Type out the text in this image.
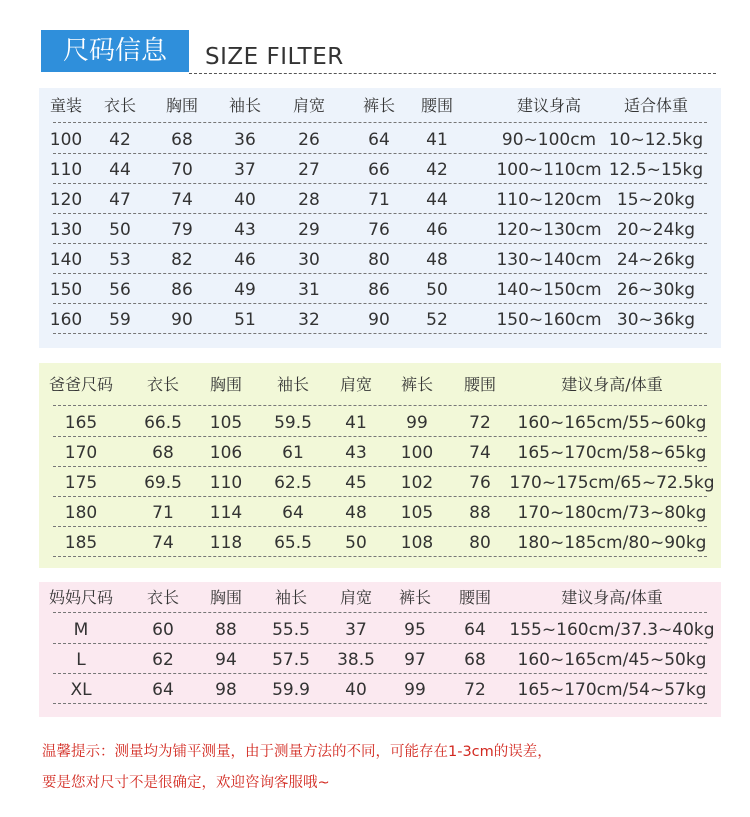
尺码信息	SIZE FILTER
童装 衣长 胸围 袖长 肩宽 裤长 腰围	建议身高	适合体重
100 42 68 36 26	64 41	90~100cm 10~12.5kg
110 44 70 37 27	66 42	100~110cm 12.5~15kg
120 47 74 40 28	71 44	110~120cm 15~20kg
130 50 79 43 29	76 46	120~130cm 20~24kg
140 53 82 46 30	80 48	130~140cm 24~26kg
150 56 86 49 31	86 50	140~150cm 26~30kg
160 59 90 51 32	90 52	150~160cm 30~36kg
爸爸尺码 衣长 胸围 袖长 肩宽 裤长 腰围	建议身高/体重
165	66.5 105 59.5 41 99 72 160~165cm/55~60kg
170	68 106 61 43 100 74 165~170cm/58~65kg
175	69.5 110 62.5 45 102 76 170~175cm/65~72.5kg
180	71 114 64 48 105 88 170~180cm/73~80kg
185	74 118 65.5 50 108 80 180~185cm/80~90kg
妈妈尺码 衣长 胸围 袖长 肩宽 裤长 腰围	建议身高/体重
M	60 88 55.5 37 95 64 155~160cm/37.3~40kg
L	62 94 57.5 38.5 97 68 160~165cm/45~50kg
XL	64 98 59.9 40 99 72 165~170cm/54~57kg
温馨提示：测量均为铺平测量，由于测量方法的不同，可能存在1-3cm的误差，
要是您对尺寸不是很确定，欢迎咨询客服哦~
